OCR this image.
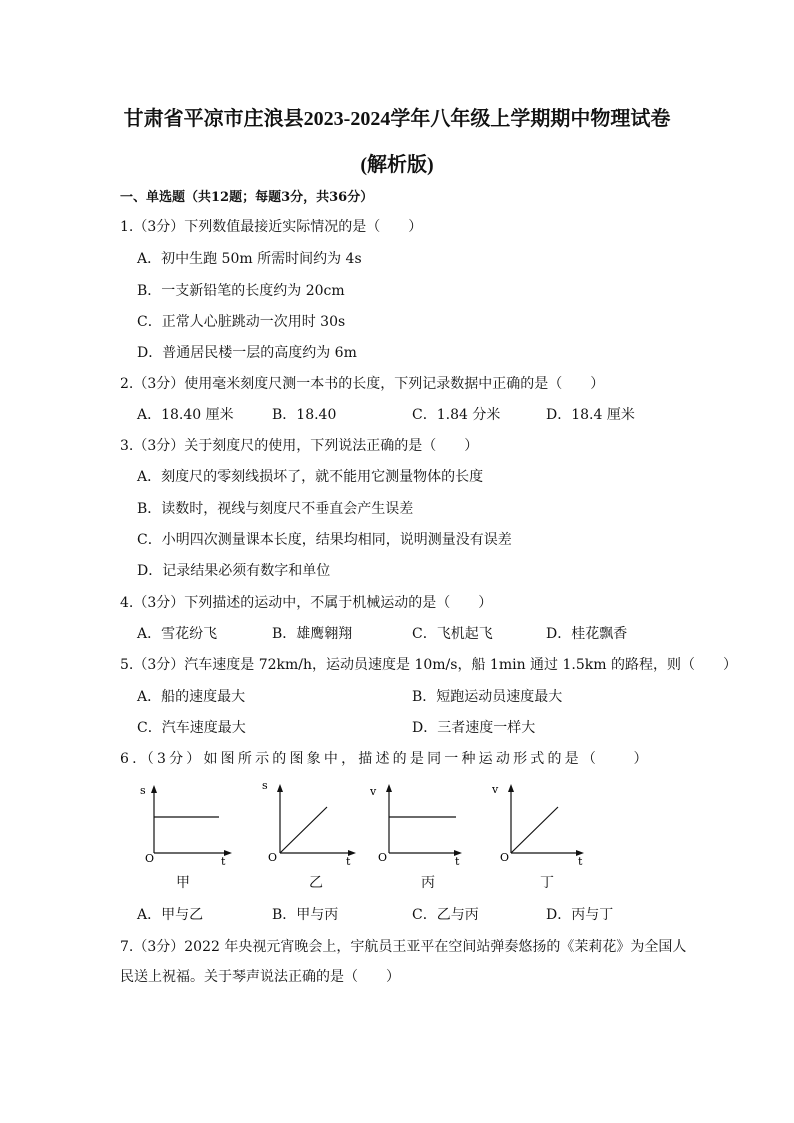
甘肃省平凉市庄浪县2023-2024学年八年级上学期期中物理试卷
(解析版)
一、单选题（共12题；每题3分，共36分）
1.（3分）下列数值最接近实际情况的是（　　）
A．初中生跑 50m 所需时间约为 4s
B．一支新铅笔的长度约为 20cm
C．正常人心脏跳动一次用时 30s
D．普通居民楼一层的高度约为 6m
2.（3分）使用毫米刻度尺测一本书的长度，下列记录数据中正确的是（　　）
A．18.40 厘米	B．18.40	C．1.84 分米	D．18.4 厘米
3.（3分）关于刻度尺的使用，下列说法正确的是（　　）
A．刻度尺的零刻线损坏了，就不能用它测量物体的长度
B．读数时，视线与刻度尺不垂直会产生误差
C．小明四次测量课本长度，结果均相同，说明测量没有误差
D．记录结果必须有数字和单位
4.（3分）下列描述的运动中，不属于机械运动的是（　　）
A．雪花纷飞	B．雄鹰翱翔	C．飞机起飞	D．桂花飘香
5.（3分）汽车速度是 72km/h，运动员速度是 10m/s，船 1min 通过 1.5km 的路程，则（　　）
A．船的速度最大	B．短跑运动员速度最大
C．汽车速度最大	D．三者速度一样大
6.（3分）如图所示的图象中，描述的是同一种运动形式的是（　　）
s
O	t
甲
s
O	t
乙
v
O	t
丙
v
O	t
丁
A．甲与乙	B．甲与丙	C．乙与丙	D．丙与丁
7.（3分）2022 年央视元宵晚会上，宇航员王亚平在空间站弹奏悠扬的《茉莉花》为全国人
民送上祝福。关于琴声说法正确的是（　　）
